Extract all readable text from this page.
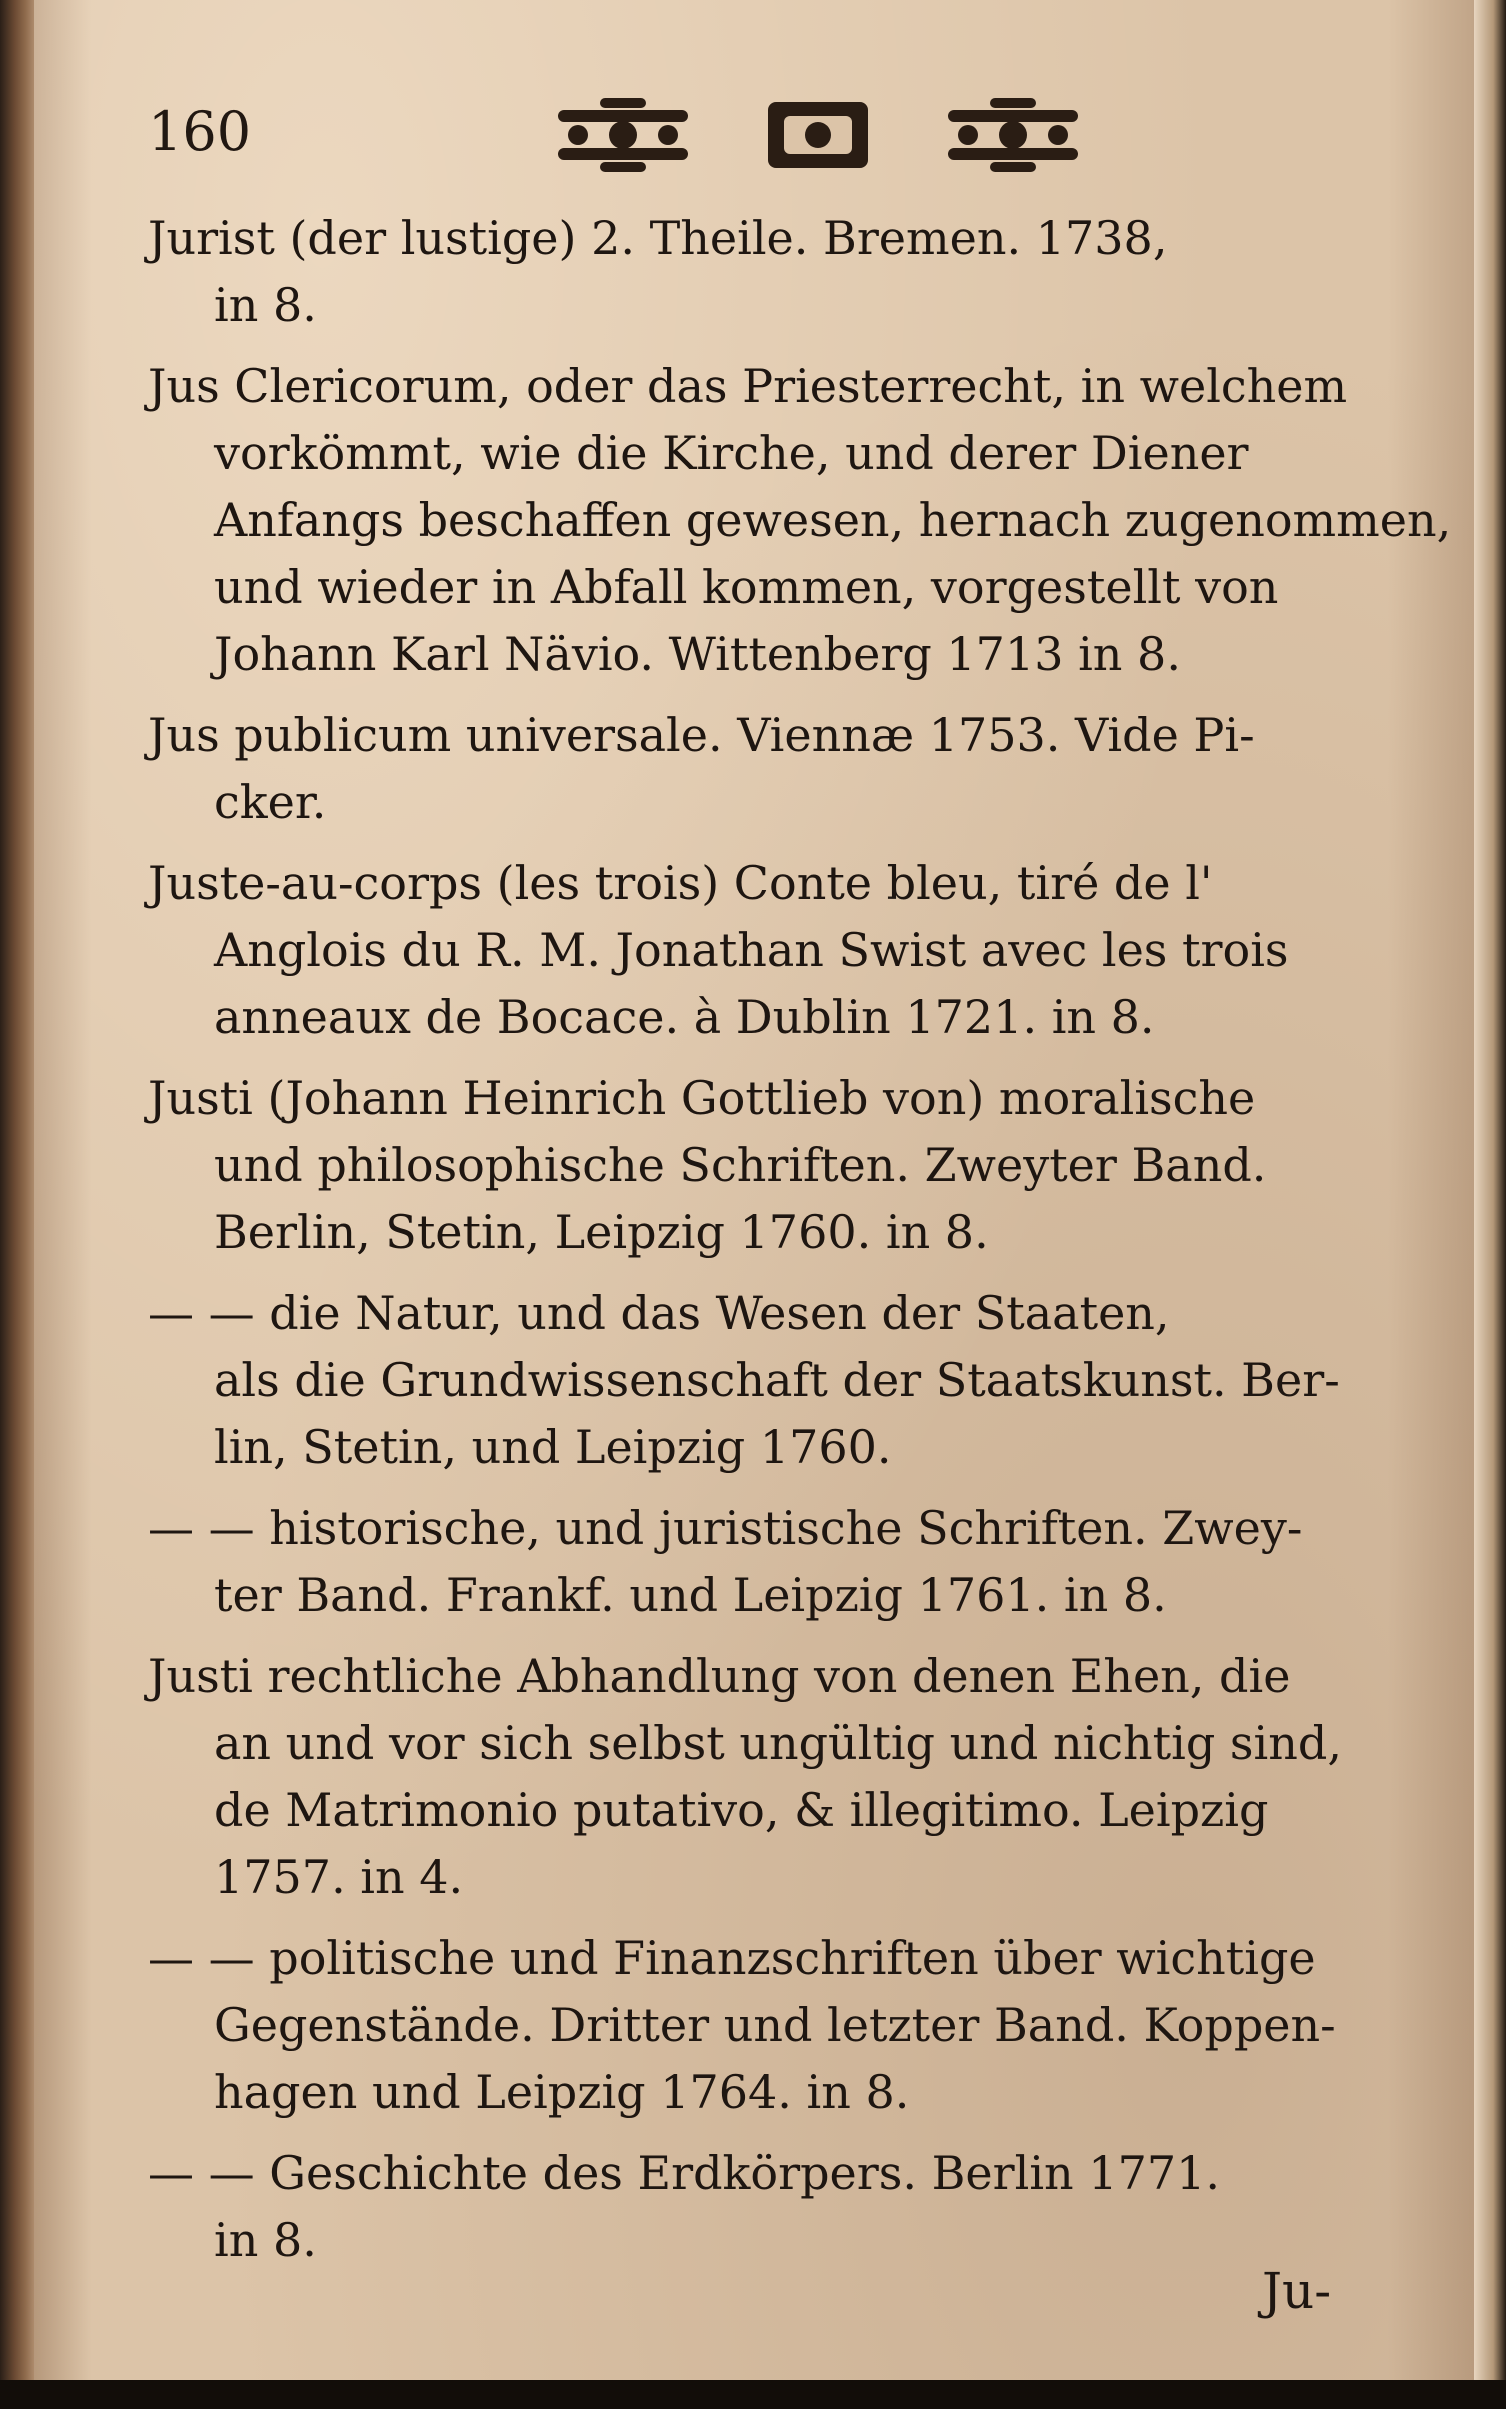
160
Jurist (der lustige) 2. Theile. Bremen. 1738,
in 8.
Jus Clericorum, oder das Priesterrecht, in welchem
vorkömmt, wie die Kirche, und derer Diener
Anfangs beschaffen gewesen, hernach zugenommen,
und wieder in Abfall kommen, vorgestellt von
Johann Karl Nävio. Wittenberg 1713 in 8.
Jus publicum universale. Viennæ 1753. Vide Pi-
cker.
Juste-au-corps (les trois) Conte bleu, tiré de l'
Anglois du R. M. Jonathan Swist avec les trois
anneaux de Bocace. à Dublin 1721. in 8.
Justi (Johann Heinrich Gottlieb von) moralische
und philosophische Schriften. Zweyter Band.
Berlin, Stetin, Leipzig 1760. in 8.
— — die Natur, und das Wesen der Staaten,
als die Grundwissenschaft der Staatskunst. Ber-
lin, Stetin, und Leipzig 1760.
— — historische, und juristische Schriften. Zwey-
ter Band. Frankf. und Leipzig 1761. in 8.
Justi rechtliche Abhandlung von denen Ehen, die
an und vor sich selbst ungültig und nichtig sind,
de Matrimonio putativo, & illegitimo. Leipzig
1757. in 4.
— — politische und Finanzschriften über wichtige
Gegenstände. Dritter und letzter Band. Koppen-
hagen und Leipzig 1764. in 8.
— — Geschichte des Erdkörpers. Berlin 1771.
in 8.
Ju-
